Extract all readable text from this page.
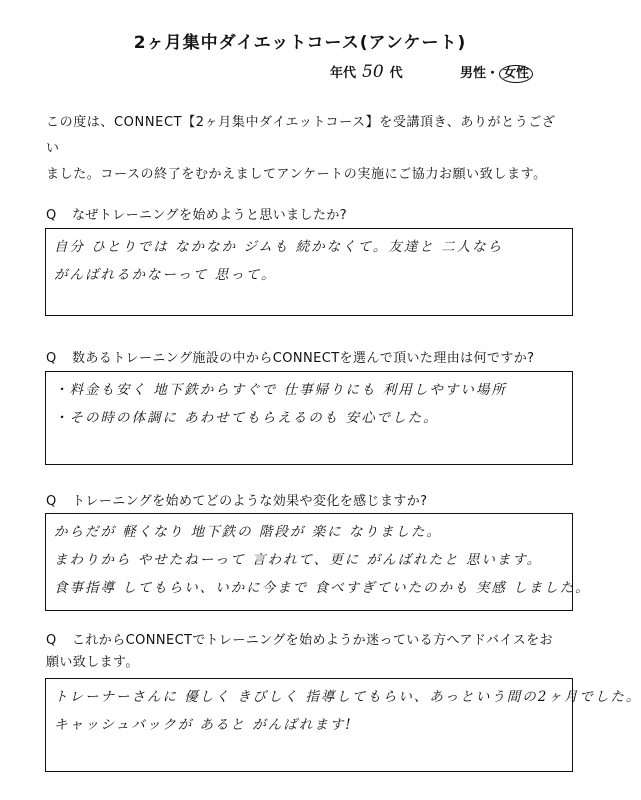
2ヶ月集中ダイエットコース(アンケート)
年代 50 代	男性・ 女性
この度は、CONNECT【2ヶ月集中ダイエットコース】を受講頂き、ありがとうござい
ました。コースの終了をむかえましてアンケートの実施にご協力お願い致します。
Q なぜトレーニングを始めようと思いましたか?
自分 ひとりでは なかなか ジムも 続かなくて。友達と 二人なら
がんばれるかなーって 思って。
Q 数あるトレーニング施設の中からCONNECTを選んで頂いた理由は何ですか?
・料金も安く 地下鉄からすぐで 仕事帰りにも 利用しやすい場所
・その時の体調に あわせてもらえるのも 安心でした。
Q トレーニングを始めてどのような効果や変化を感じますか?
からだが 軽くなり 地下鉄の 階段が 楽に なりました。
まわりから やせたねーって 言われて、更に がんばれたと 思います。
食事指導 してもらい、いかに今まで 食べすぎていたのかも 実感 しました。
Q これからCONNECTでトレーニングを始めようか迷っている方へアドバイスをお
願い致します。
トレーナーさんに 優しく きびしく 指導してもらい、あっという間の2ヶ月でした。
キャッシュバックが あると がんばれます!
